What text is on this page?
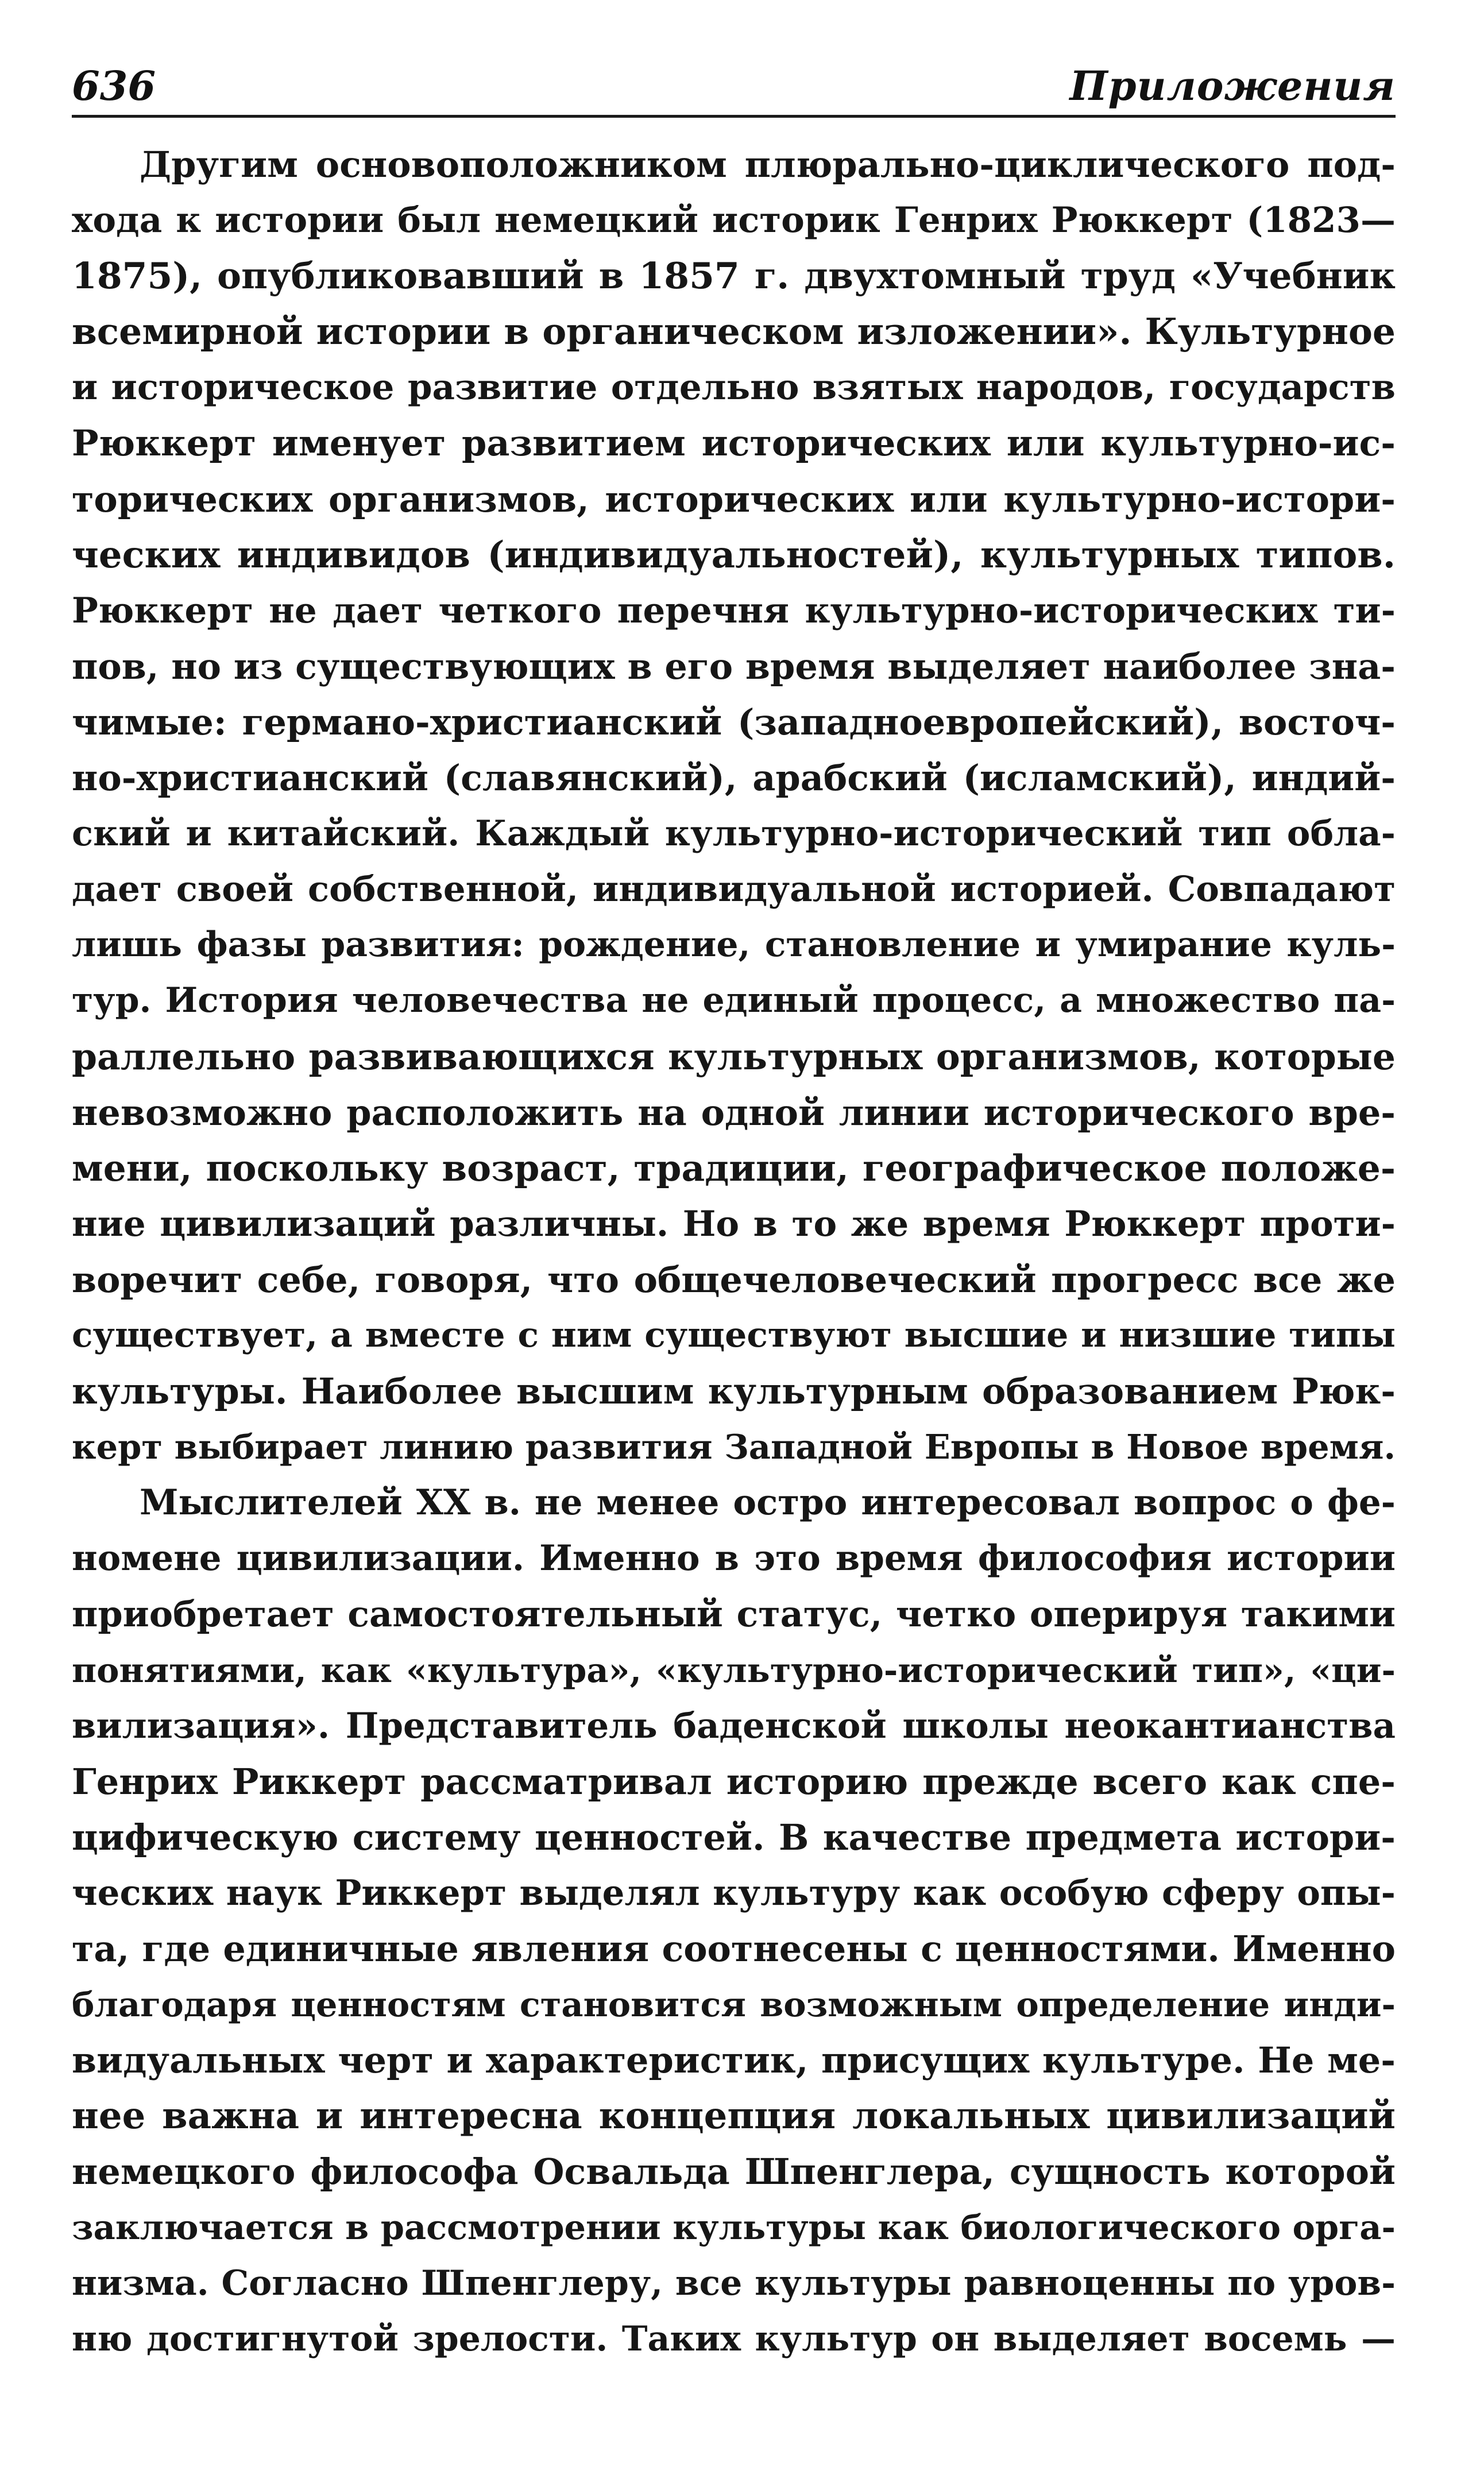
636	Приложения
Другим основоположником плюрально-циклического под-
хода к истории был немецкий историк Генрих Рюккерт (1823—
1875), опубликовавший в 1857 г. двухтомный труд «Учебник
всемирной истории в органическом изложении». Культурное
и историческое развитие отдельно взятых народов, государств
Рюккерт именует развитием исторических или культурно-ис-
торических организмов, исторических или культурно-истори-
ческих индивидов (индивидуальностей), культурных типов.
Рюккерт не дает четкого перечня культурно-исторических ти-
пов, но из существующих в его время выделяет наиболее зна-
чимые: германо-христианский (западноевропейский), восточ-
но-христианский (славянский), арабский (исламский), индий-
ский и китайский. Каждый культурно-исторический тип обла-
дает своей собственной, индивидуальной историей. Совпадают
лишь фазы развития: рождение, становление и умирание куль-
тур. История человечества не единый процесс, а множество па-
раллельно развивающихся культурных организмов, которые
невозможно расположить на одной линии исторического вре-
мени, поскольку возраст, традиции, географическое положе-
ние цивилизаций различны. Но в то же время Рюккерт проти-
воречит себе, говоря, что общечеловеческий прогресс все же
существует, а вместе с ним существуют высшие и низшие типы
культуры. Наиболее высшим культурным образованием Рюк-
керт выбирает линию развития Западной Европы в Новое время.
Мыслителей XX в. не менее остро интересовал вопрос о фе-
номене цивилизации. Именно в это время философия истории
приобретает самостоятельный статус, четко оперируя такими
понятиями, как «культура», «культурно-исторический тип», «ци-
вилизация». Представитель баденской школы неокантианства
Генрих Риккерт рассматривал историю прежде всего как спе-
цифическую систему ценностей. В качестве предмета истори-
ческих наук Риккерт выделял культуру как особую сферу опы-
та, где единичные явления соотнесены с ценностями. Именно
благодаря ценностям становится возможным определение инди-
видуальных черт и характеристик, присущих культуре. Не ме-
нее важна и интересна концепция локальных цивилизаций
немецкого философа Освальда Шпенглера, сущность которой
заключается в рассмотрении культуры как биологического орга-
низма. Согласно Шпенглеру, все культуры равноценны по уров-
ню достигнутой зрелости. Таких культур он выделяет восемь —
